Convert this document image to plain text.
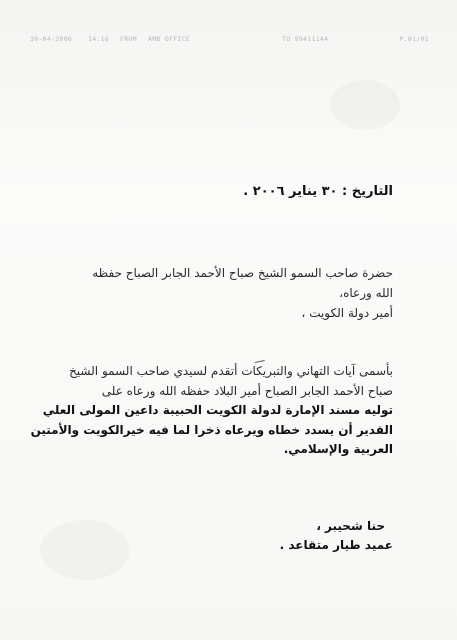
30-04-2006 14:16 FROM AMB OFFICE	TO 99411144	P.01/01
التاريخ : ٣٠ يناير ٢٠٠٦ .
حضرة صاحب السمو الشيخ صباح الأحمد الجابر الصباح حفظه
الله ورعاه،
أمير دولة الكويت ،
بأسمى آيات التهاني والتبريكات أتقدم لسيدي صاحب السمو الشيخ
صباح الأحمد الجابر الصباح أمير البلاد حفظه الله ورعاه على
توليه مسند الإمارة لدولة الكويت الحبيبة داعين المولى العلي
القدير أن يسدد خطاه ويرعاه ذخرا لما فيه خيرالكويت والأمتين
العربية والإسلامي.
حنا شحيبر ،
عميد طيار متقاعد .
